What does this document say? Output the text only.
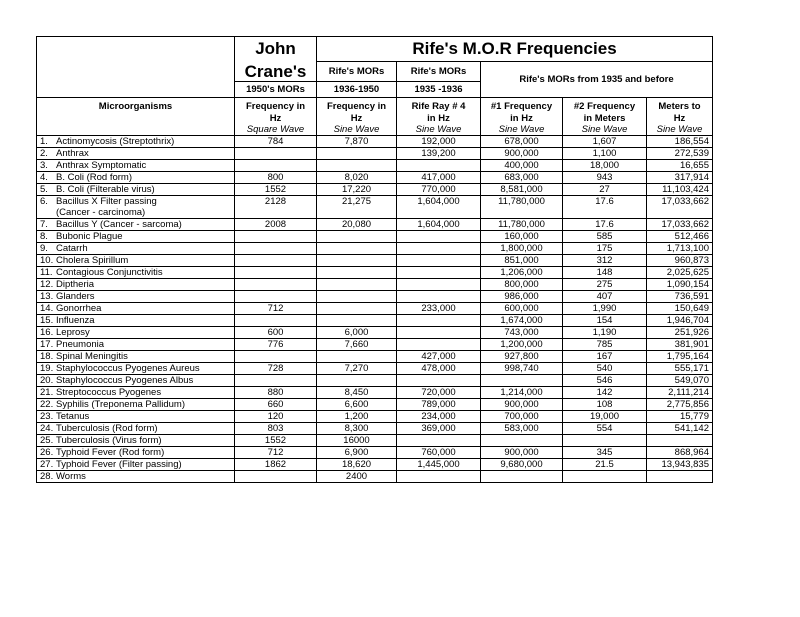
	John	Rife's M.O.R Frequencies				
	Crane's	Rife's MORs	Rife's MORs	Rife's MORs from 1935 and before		
	1950's MORs	1936-1950	1935 -1936			
Microorganisms	Frequency in	Frequency in	Rife Ray # 4	#1 Frequency	#2 Frequency	Meters to
	Hz	Hz	in Hz	in Hz	in Meters	Hz
	Square Wave	Sine Wave	Sine Wave	Sine Wave	Sine Wave	Sine Wave
1. Actinomycosis (Streptothrix)	784	7,870	192,000	678,000	1,607	186,554
2. Anthrax			139,200	900,000	1,100	272,539
3. Anthrax Symptomatic				400,000	18,000	16,655
4. B. Coli (Rod form)	800	8,020	417,000	683,000	943	317,914
5. B. Coli (Filterable virus)	1552	17,220	770,000	8,581,000	27	11,103,424
6. Bacillus X Filter passing	2128	21,275	1,604,000	11,780,000	17.6	17,033,662
(Cancer - carcinoma)						
7. Bacillus Y (Cancer - sarcoma)	2008	20,080	1,604,000	11,780,000	17.6	17,033,662
8. Bubonic Plague				160,000	585	512,466
9. Catarrh				1,800,000	175	1,713,100
10. Cholera Spirillum				851,000	312	960,873
11. Contagious Conjunctivitis				1,206,000	148	2,025,625
12. Diptheria				800,000	275	1,090,154
13. Glanders				986,000	407	736,591
14. Gonorrhea	712		233,000	600,000	1,990	150,649
15. Influenza				1,674,000	154	1,946,704
16. Leprosy	600	6,000		743,000	1,190	251,926
17. Pneumonia	776	7,660		1,200,000	785	381,901
18. Spinal Meningitis			427,000	927,800	167	1,795,164
19. Staphylococcus Pyogenes Aureus	728	7,270	478,000	998,740	540	555,171
20. Staphylococcus Pyogenes Albus					546	549,070
21. Streptococcus Pyogenes	880	8,450	720,000	1,214,000	142	2,111,214
22. Syphilis (Treponema Pallidum)	660	6,600	789,000	900,000	108	2,775,856
23. Tetanus	120	1,200	234,000	700,000	19,000	15,779
24. Tuberculosis (Rod form)	803	8,300	369,000	583,000	554	541,142
25. Tuberculosis (Virus form)	1552	16000				
26. Typhoid Fever (Rod form)	712	6,900	760,000	900,000	345	868,964
27. Typhoid Fever (Filter passing)	1862	18,620	1,445,000	9,680,000	21.5	13,943,835
28. Worms		2400				
